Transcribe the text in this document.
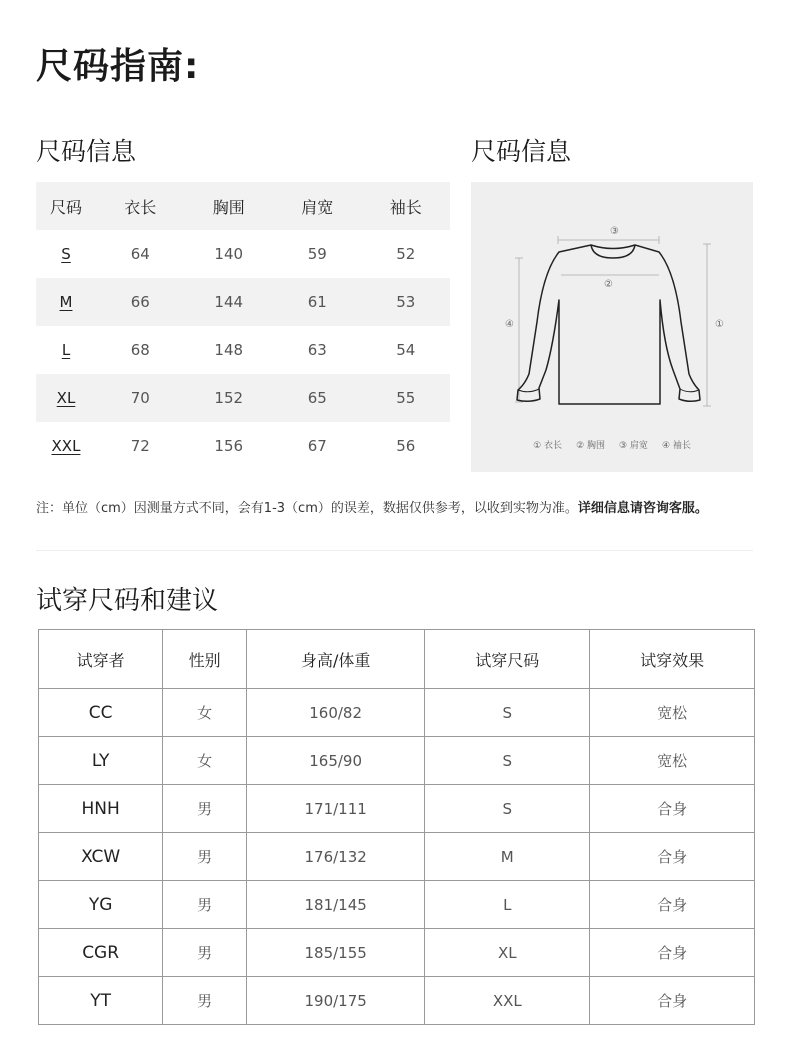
尺码指南:
尺码信息	尺码信息
尺码	衣长	胸围	肩宽	袖长
S	64	140	59	52
M	66	144	61	53
L	68	148	63	54
XL	70	152	65	55
XXL	72	156	67	56
③
②
④	①
① 衣长 ② 胸围 ③ 肩宽 ④ 袖长
注：单位（cm）因测量方式不同，会有1-3（cm）的误差，数据仅供参考，以收到实物为准。详细信息请咨询客服。
试穿尺码和建议
试穿者	性别	身高/体重	试穿尺码	试穿效果
CC	女	160/82	S	宽松
LY	女	165/90	S	宽松
HNH	男	171/111	S	合身
XCW	男	176/132	M	合身
YG	男	181/145	L	合身
CGR	男	185/155	XL	合身
YT	男	190/175	XXL	合身
